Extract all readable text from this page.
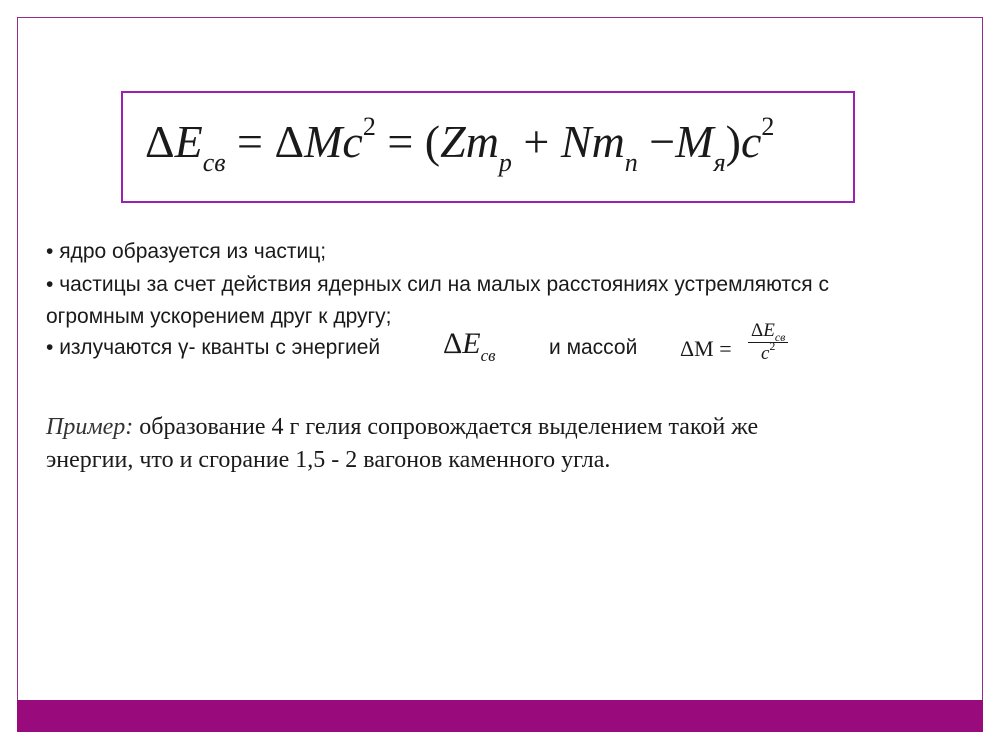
$\Delta E_{св} = \Delta Mc^2 = (Zm_p + Nm_n -M_я)c^2$
• ядро образуется из частиц;
• частицы за счет действия ядерных сил на малых расстояниях устремляются с
огромным ускорением друг к другу;
• излучаются γ- кванты с энергией $\Delta E_{св}$	и массой ΔM =
$\Delta E_{св}$
$c^2$
Пример: образование 4 г гелия сопровождается выделением такой же
энергии, что и сгорание 1,5 - 2 вагонов каменного угла.
